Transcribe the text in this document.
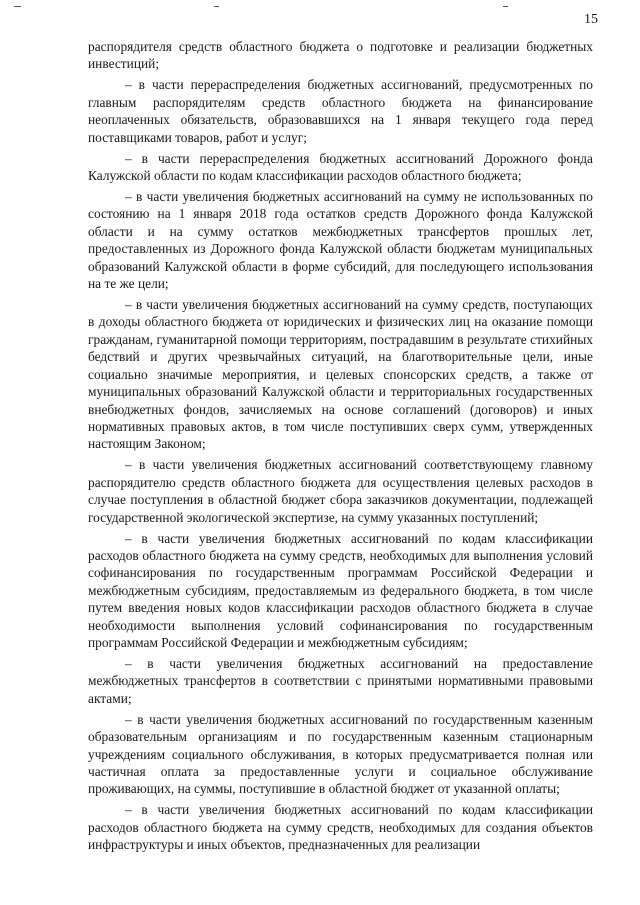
15

распорядителя средств областного бюджета о подготовке и реализации бюджетных инвестиций;

– в части перераспределения бюджетных ассигнований, предусмотренных по главным распорядителям средств областного бюджета на финансирование неоплаченных обязательств, образовавшихся на 1 января текущего года перед поставщиками товаров, работ и услуг;

– в части перераспределения бюджетных ассигнований Дорожного фонда Калужской области по кодам классификации расходов областного бюджета;

– в части увеличения бюджетных ассигнований на сумму не использованных по состоянию на 1 января 2018 года остатков средств Дорожного фонда Калужской области и на сумму остатков межбюджетных трансфертов прошлых лет, предоставленных из Дорожного фонда Калужской области бюджетам муниципальных образований Калужской области в форме субсидий, для последующего использования на те же цели;

– в части увеличения бюджетных ассигнований на сумму средств, поступающих в доходы областного бюджета от юридических и физических лиц на оказание помощи гражданам, гуманитарной помощи территориям, пострадавшим в результате стихийных бедствий и других чрезвычайных ситуаций, на благотворительные цели, иные социально значимые мероприятия, и целевых спонсорских средств, а также от муниципальных образований Калужской области и территориальных государственных внебюджетных фондов, зачисляемых на основе соглашений (договоров) и иных нормативных правовых актов, в том числе поступивших сверх сумм, утвержденных настоящим Законом;

– в части увеличения бюджетных ассигнований соответствующему главному распорядителю средств областного бюджета для осуществления целевых расходов в случае поступления в областной бюджет сбора заказчиков документации, подлежащей государственной экологической экспертизе, на сумму указанных поступлений;

– в части увеличения бюджетных ассигнований по кодам классификации расходов областного бюджета на сумму средств, необходимых для выполнения условий софинансирования по государственным программам Российской Федерации и межбюджетным субсидиям, предоставляемым из федерального бюджета, в том числе путем введения новых кодов классификации расходов областного бюджета в случае необходимости выполнения условий софинансирования по государственным программам Российской Федерации и межбюджетным субсидиям;

– в части увеличения бюджетных ассигнований на предоставление межбюджетных трансфертов в соответствии с принятыми нормативными правовыми актами;

– в части увеличения бюджетных ассигнований по государственным казенным образовательным организациям и по государственным казенным стационарным учреждениям социального обслуживания, в которых предусматривается полная или частичная оплата за предоставленные услуги и социальное обслуживание проживающих, на суммы, поступившие в областной бюджет от указанной оплаты;

– в части увеличения бюджетных ассигнований по кодам классификации расходов областного бюджета на сумму средств, необходимых для создания объектов инфраструктуры и иных объектов, предназначенных для реализации
